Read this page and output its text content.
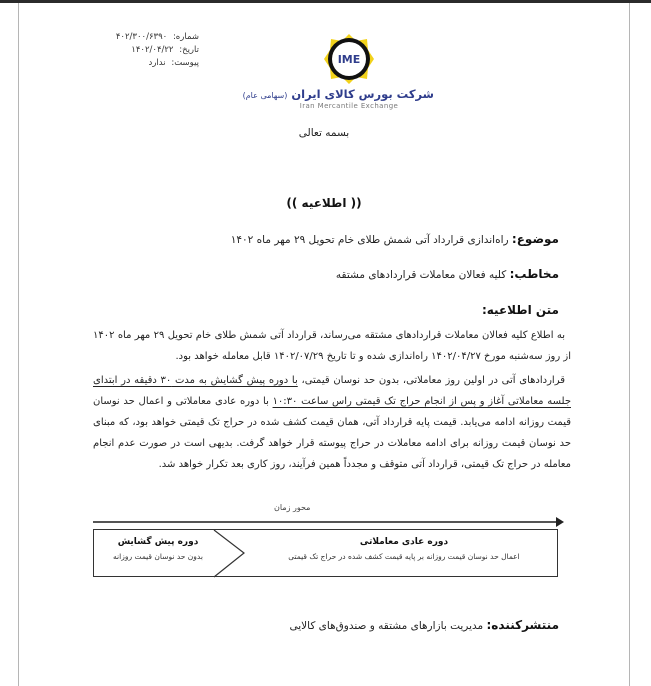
شماره: ۴۰۲/۳۰۰/۶۳۹۰
تاریخ: ۱۴۰۲/۰۴/۲۲
پیوست: ندارد	IME
شرکت بورس کالای ایران (سهامی عام)
Iran Mercantile Exchange
بسمه تعالی
(( اطلاعیه ))
موضوع: راه‌اندازی قرارداد آتی شمش طلای خام تحویل ۲۹ مهر ماه ۱۴۰۲
مخاطب: کلیه فعالان معاملات قراردادهای مشتقه
متن اطلاعیه:
به اطلاع کلیه فعالان معاملات قراردادهای مشتقه می‌رساند، قرارداد آتی شمش طلای خام تحویل ۲۹ مهر ماه ۱۴۰۲ از روز سه‌شنبه مورخ ۱۴۰۲/۰۴/۲۷ راه‌اندازی شده و تا تاریخ ۱۴۰۲/۰۷/۲۹ قابل معامله خواهد بود.
قراردادهای آتی در اولین روز معاملاتی، بدون حد نوسان قیمتی، با دوره پیش گشایش به مدت ۳۰ دقیقه در ابتدای جلسه معاملاتی آغاز و پس از انجام حراج تک قیمتی راس ساعت ۱۰:۳۰ با دوره عادی معاملاتی و اعمال حد نوسان قیمت روزانه ادامه می‌یابد. قیمت پایه قرارداد آتی، همان قیمت کشف شده در حراج تک قیمتی خواهد بود، که مبنای حد نوسان قیمت روزانه برای ادامه معاملات در حراج پیوسته قرار خواهد گرفت. بدیهی است در صورت عدم انجام معامله در حراج تک قیمتی، قرارداد آتی متوقف و مجدداً همین فرآیند، روز کاری بعد تکرار خواهد شد.
محور زمان
دوره پیش گشایش
بدون حد نوسان قیمت روزانه
دوره عادی معاملاتی
اعمال حد نوسان قیمت روزانه بر پایه قیمت کشف شده در حراج تک قیمتی
منتشرکننده: مدیریت بازارهای مشتقه و صندوق‌های کالایی
